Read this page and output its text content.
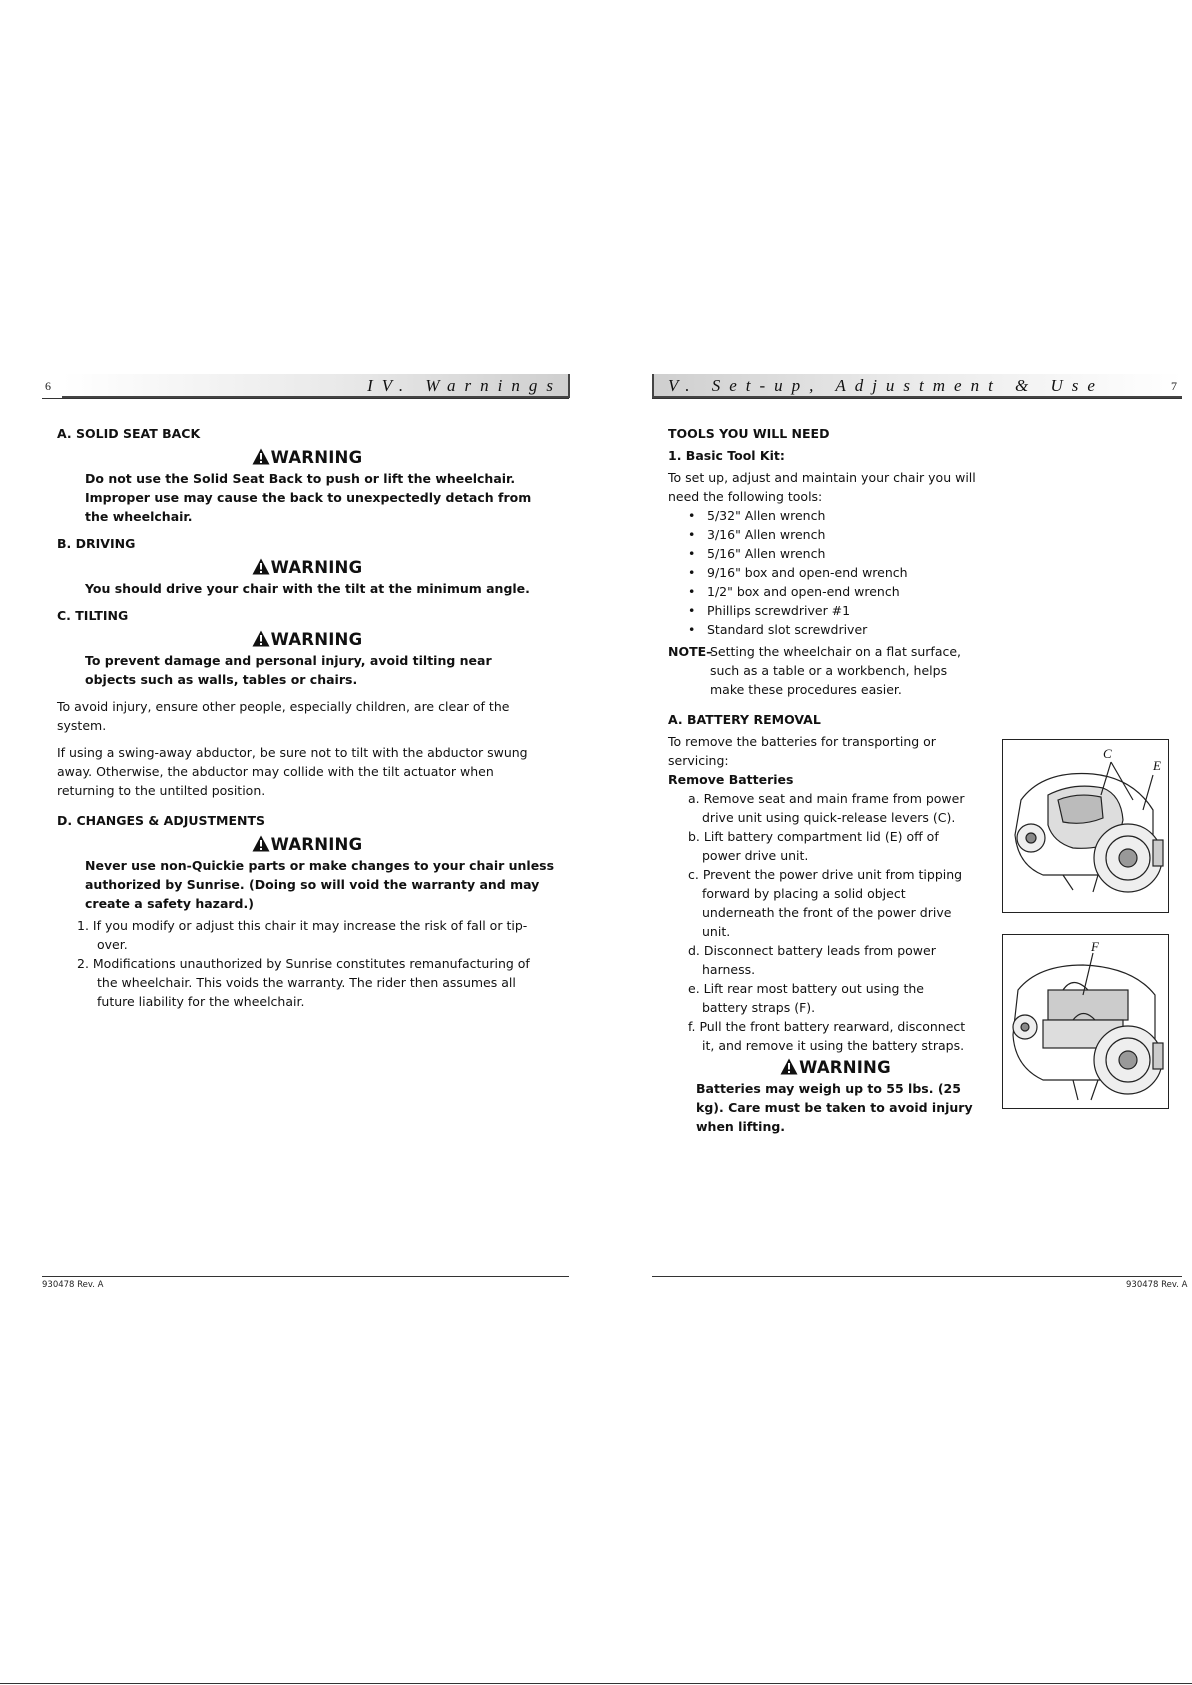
6	IV. Warnings	V. Set-up, Adjustment & Use	7

A. SOLID SEAT BACK

WARNING

Do not use the Solid Seat Back to push or lift the wheelchair. Improper use may cause the back to unexpectedly detach from the wheelchair.

B. DRIVING

WARNING

You should drive your chair with the tilt at the minimum angle.

C. TILTING

WARNING

To prevent damage and personal injury, avoid tilting near objects such as walls, tables or chairs.

To avoid injury, ensure other people, especially children, are clear of the system.

If using a swing-away abductor, be sure not to tilt with the abductor swung away. Otherwise, the abductor may collide with the tilt actuator when returning to the untilted position.

D. CHANGES & ADJUSTMENTS

WARNING

Never use non-Quickie parts or make changes to your chair unless authorized by Sunrise. (Doing so will void the warranty and may create a safety hazard.)

1. If you modify or adjust this chair it may increase the risk of fall or tip-over.
2. Modifications unauthorized by Sunrise constitutes remanufacturing of the wheelchair. This voids the warranty. The rider then assumes all future liability for the wheelchair.

TOOLS YOU WILL NEED

1. Basic Tool Kit:

To set up, adjust and maintain your chair you will need the following tools:

• 5/32" Allen wrench
• 3/16" Allen wrench
• 5/16" Allen wrench
• 9/16" box and open-end wrench
• 1/2" box and open-end wrench
• Phillips screwdriver #1
• Standard slot screwdriver
NOTE–
Setting the wheelchair on a flat surface, such as a table or a workbench, helps make these procedures easier.

A. BATTERY REMOVAL

To remove the batteries for transporting or servicing:

Remove Batteries

a. Remove seat and main frame from power drive unit using quick-release levers (C).

b. Lift battery compartment lid (E) off of power drive unit.

c. Prevent the power drive unit from tipping forward by placing a solid object underneath the front of the power drive unit.

d. Disconnect battery leads from power harness.

e. Lift rear most battery out using the battery straps (F).

f. Pull the front battery rearward, disconnect it, and remove it using the battery straps.

WARNING

Batteries may weigh up to 55 lbs. (25 kg). Care must be taken to avoid injury when lifting.

C
E
F
930478 Rev. A	930478 Rev. A
